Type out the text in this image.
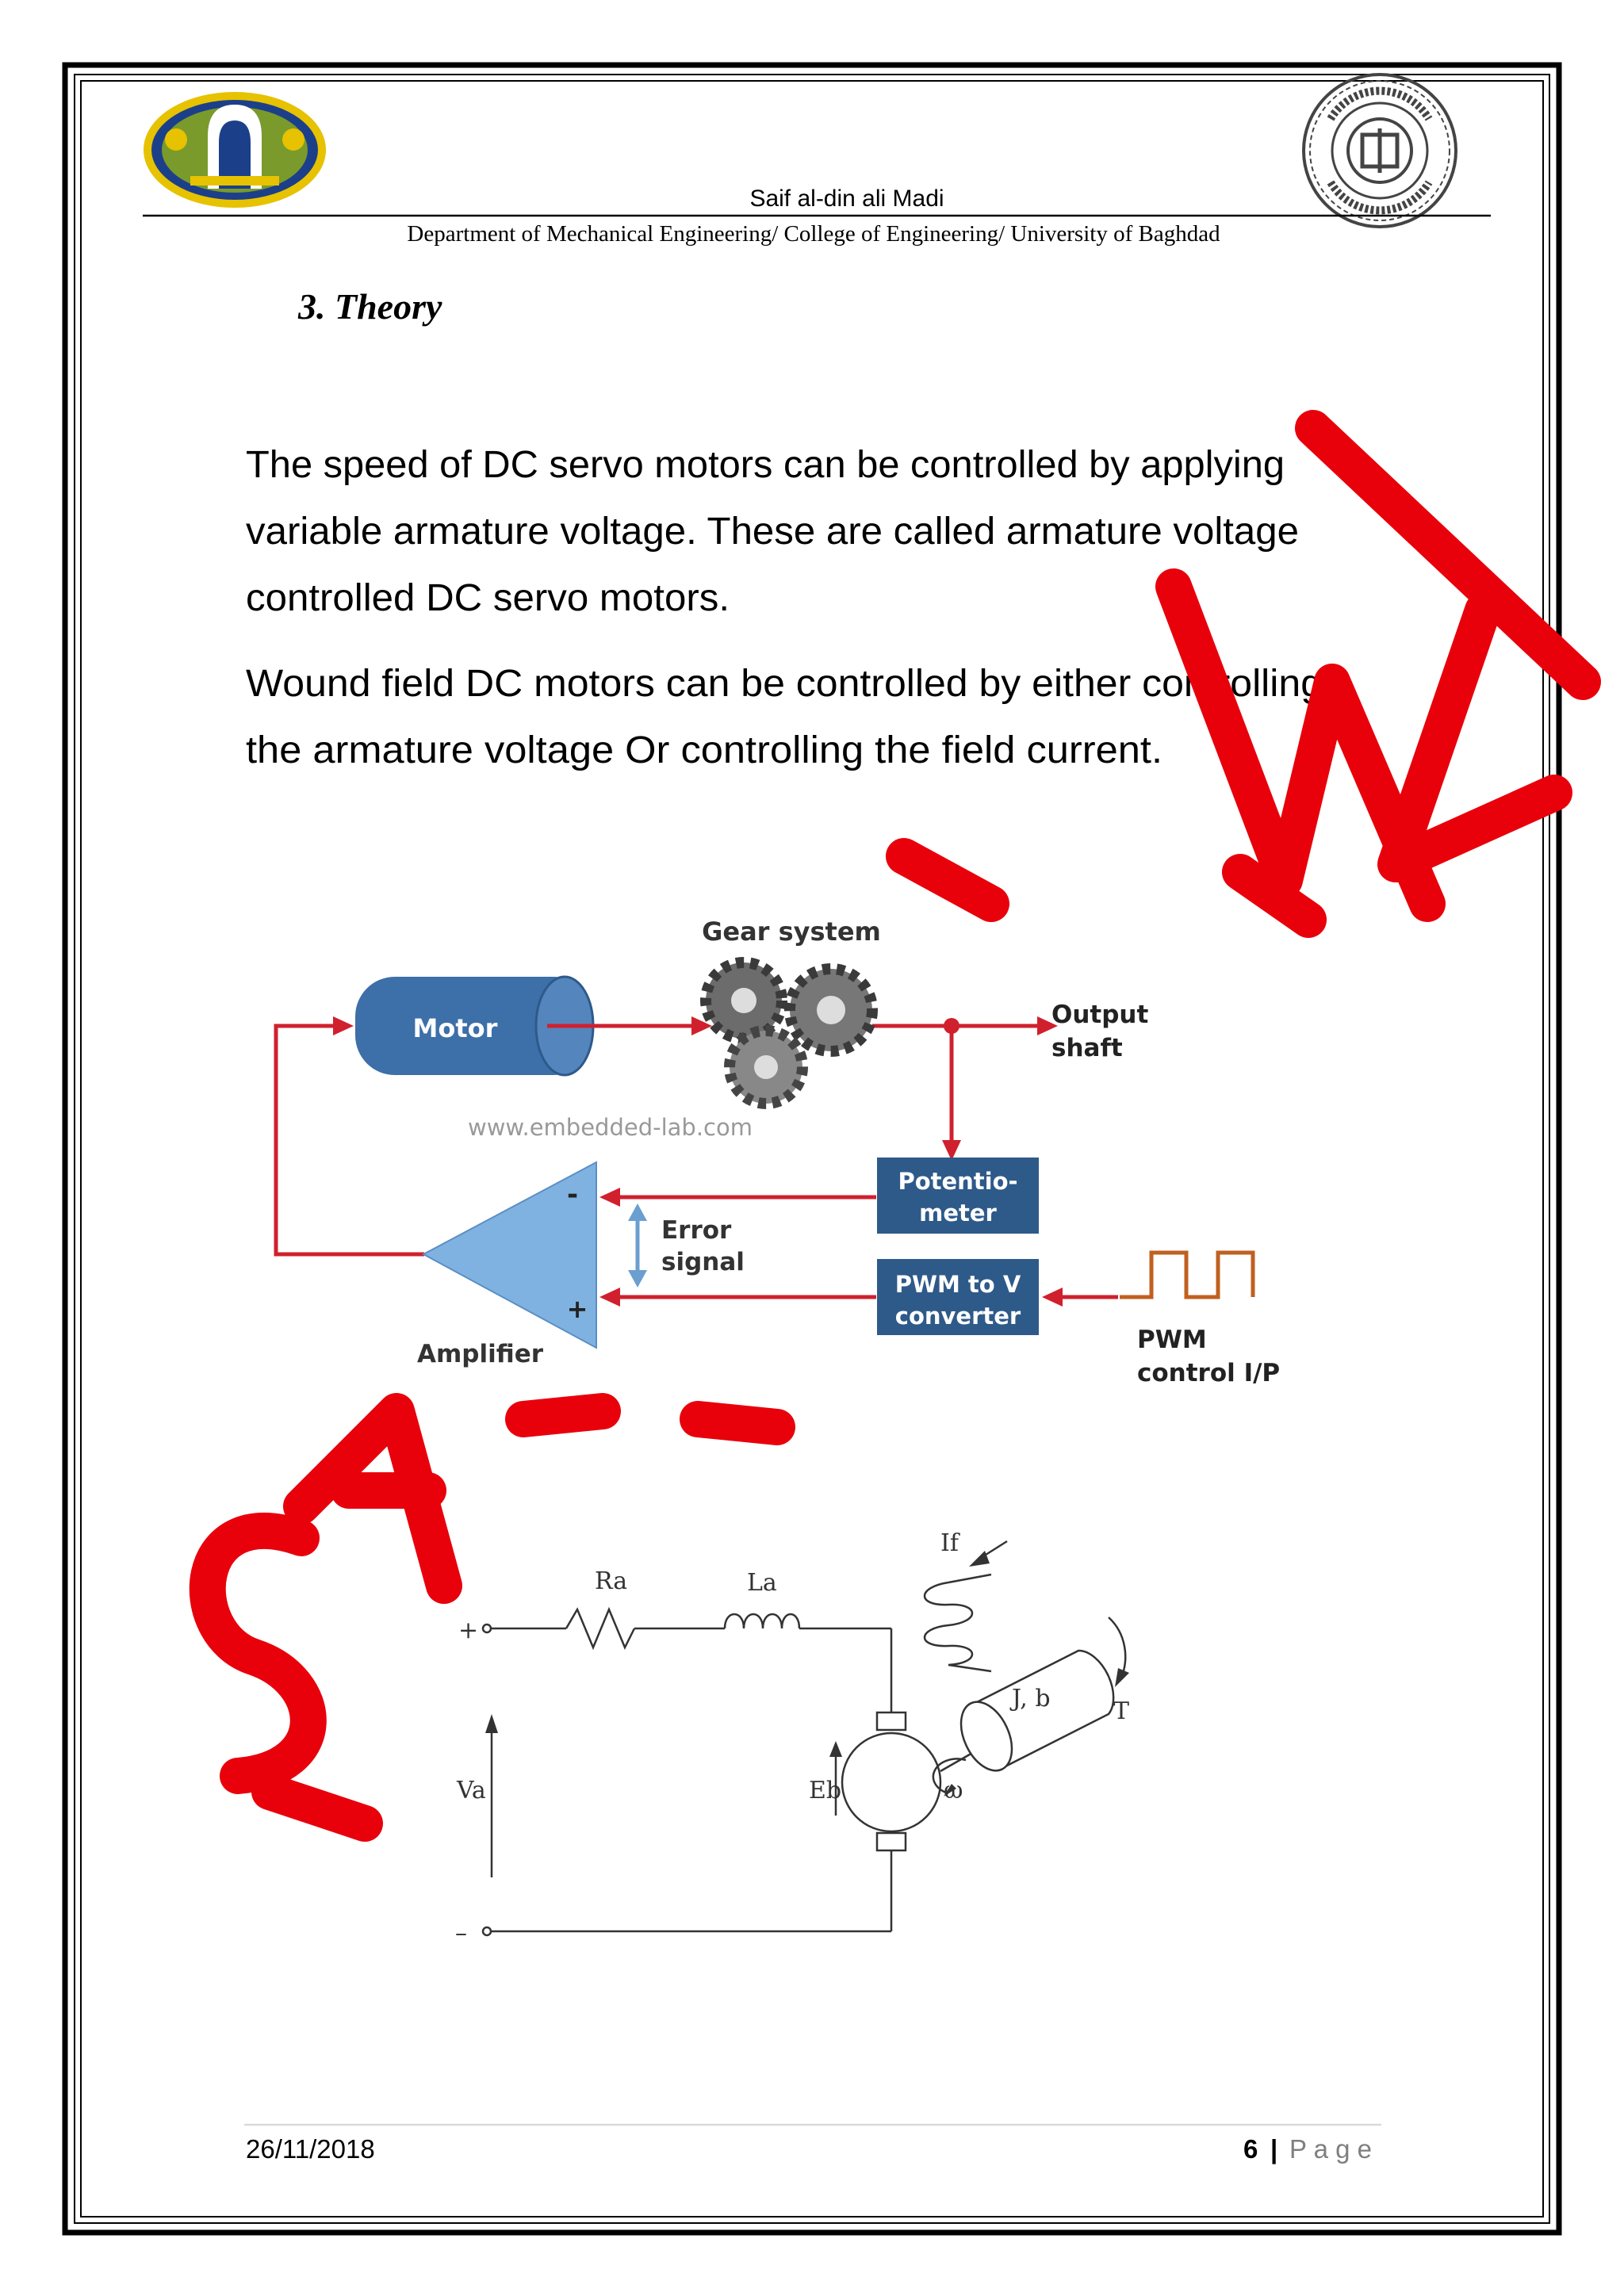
Saif al-din ali Madi
Department of Mechanical Engineering/ College of Engineering/ University of Baghdad
3. Theory
The speed of DC servo motors can be controlled by applying
variable armature voltage. These are called armature voltage
controlled DC servo motors.
Wound field DC motors can be controlled by either controlling
the armature voltage Or controlling the field current.
Motor
Gear system
Output
shaft
www.embedded-lab.com
Potentio-
meter
PWM to V
converter
-
+
Amplifier
Error
signal
PWM
control I/P
Ra	La
If
J, b	T
Va	Eb	ω
+
–
26/11/2018	6 | P a g e
